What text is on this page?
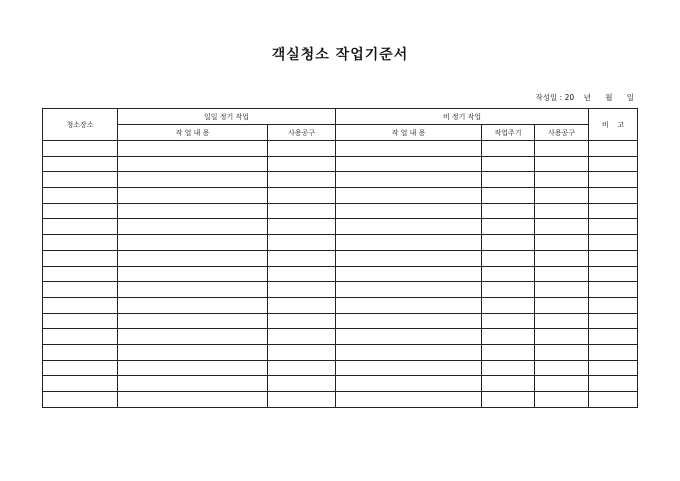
객실청소 작업기준서
작성일 : 20    년      월      일
청소장소	일일 정기 작업		비 정기 작업			비    고
	작 업 내 용	사용공구	작 업 내 용	작업주기	사용공구	
